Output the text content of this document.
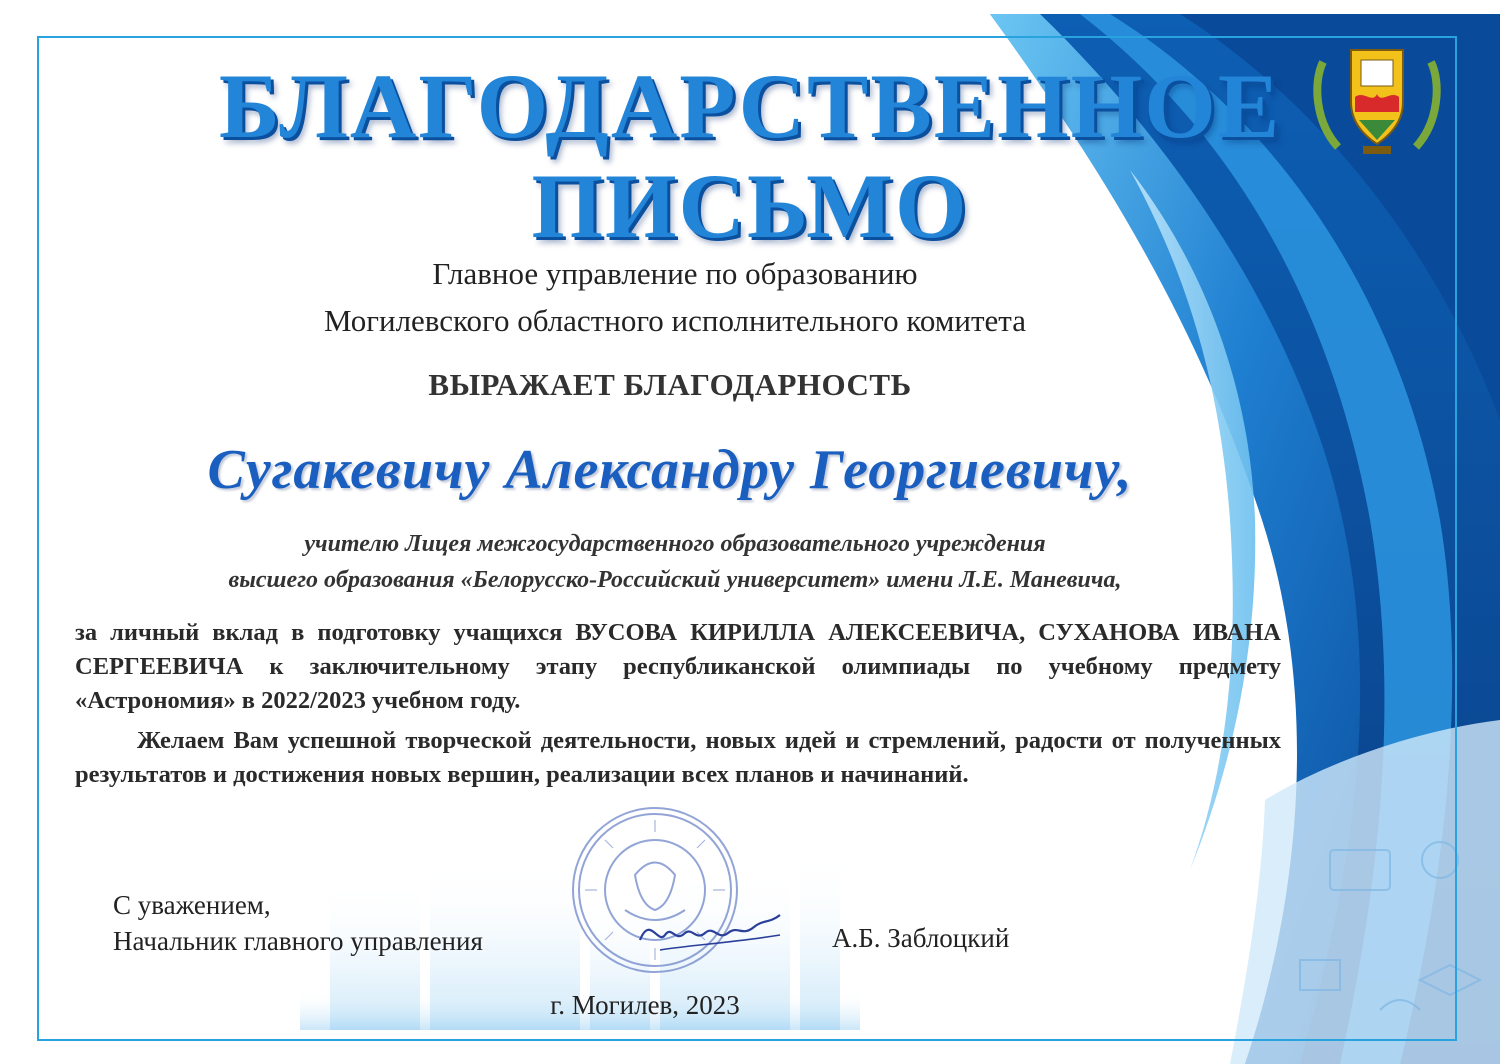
БЛАГОДАРСТВЕННОЕ
ПИСЬМО
Главное управление по образованию
Могилевского областного исполнительного комитета
ВЫРАЖАЕТ БЛАГОДАРНОСТЬ
Сугакевичу Александру Георгиевичу,
учителю Лицея межгосударственного образовательного учреждения
высшего образования «Белорусско-Российский университет» имени Л.Е. Маневича,
за личный вклад в подготовку учащихся ВУСОВА КИРИЛЛА АЛЕКСЕЕВИЧА, СУХАНОВА ИВАНА СЕРГЕЕВИЧА к заключительному этапу республиканской олимпиады по учебному предмету «Астрономия» в 2022/2023 учебном году.
Желаем Вам успешной творческой деятельности, новых идей и стремлений, радости от полученных результатов и достижения новых вершин, реализации всех планов и начинаний.
С уважением,
Начальник главного управления	А.Б. Заблоцкий
г. Могилев, 2023
